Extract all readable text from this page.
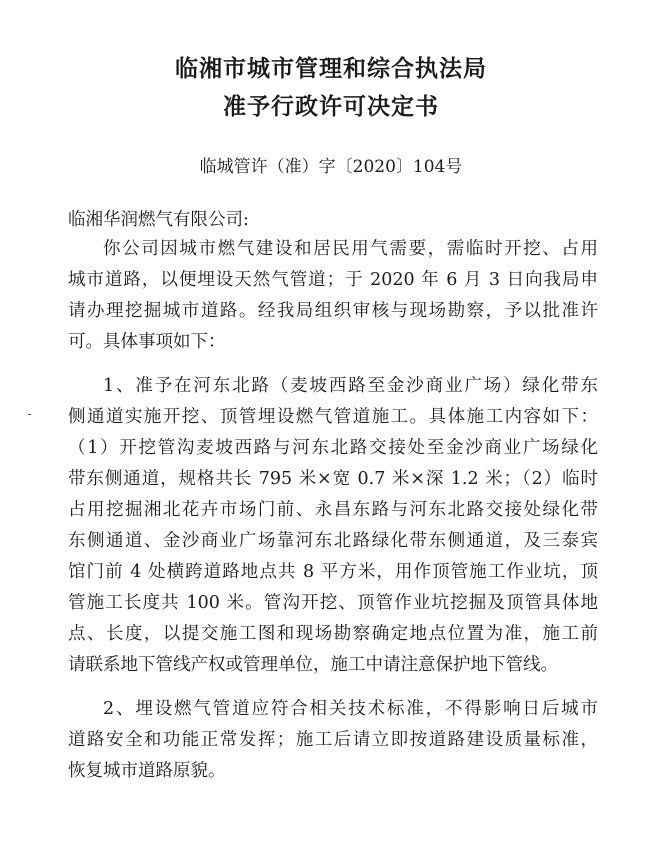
临湘市城市管理和综合执法局
准予行政许可决定书
临城管许（准）字〔2020〕104号
临湘华润燃气有限公司:
你公司因城市燃气建设和居民用气需要，需临时开挖、占用
城市道路，以便埋设天然气管道；于 2020 年 6 月 3 日向我局申
请办理挖掘城市道路。经我局组织审核与现场勘察，予以批准许
可。具体事项如下：
1、准予在河东北路（麦坡西路至金沙商业广场）绿化带东
侧通道实施开挖、顶管埋设燃气管道施工。具体施工内容如下：
（1）开挖管沟麦坡西路与河东北路交接处至金沙商业广场绿化
带东侧通道，规格共长 795 米×宽 0.7 米×深 1.2 米；（2）临时
占用挖掘湘北花卉市场门前、永昌东路与河东北路交接处绿化带
东侧通道、金沙商业广场靠河东北路绿化带东侧通道，及三泰宾
馆门前 4 处横跨道路地点共 8 平方米，用作顶管施工作业坑，顶
管施工长度共 100 米。管沟开挖、顶管作业坑挖掘及顶管具体地
点、长度，以提交施工图和现场勘察确定地点位置为准，施工前
请联系地下管线产权或管理单位，施工中请注意保护地下管线。
2、埋设燃气管道应符合相关技术标准，不得影响日后城市
道路安全和功能正常发挥；施工后请立即按道路建设质量标准，
恢复城市道路原貌。
